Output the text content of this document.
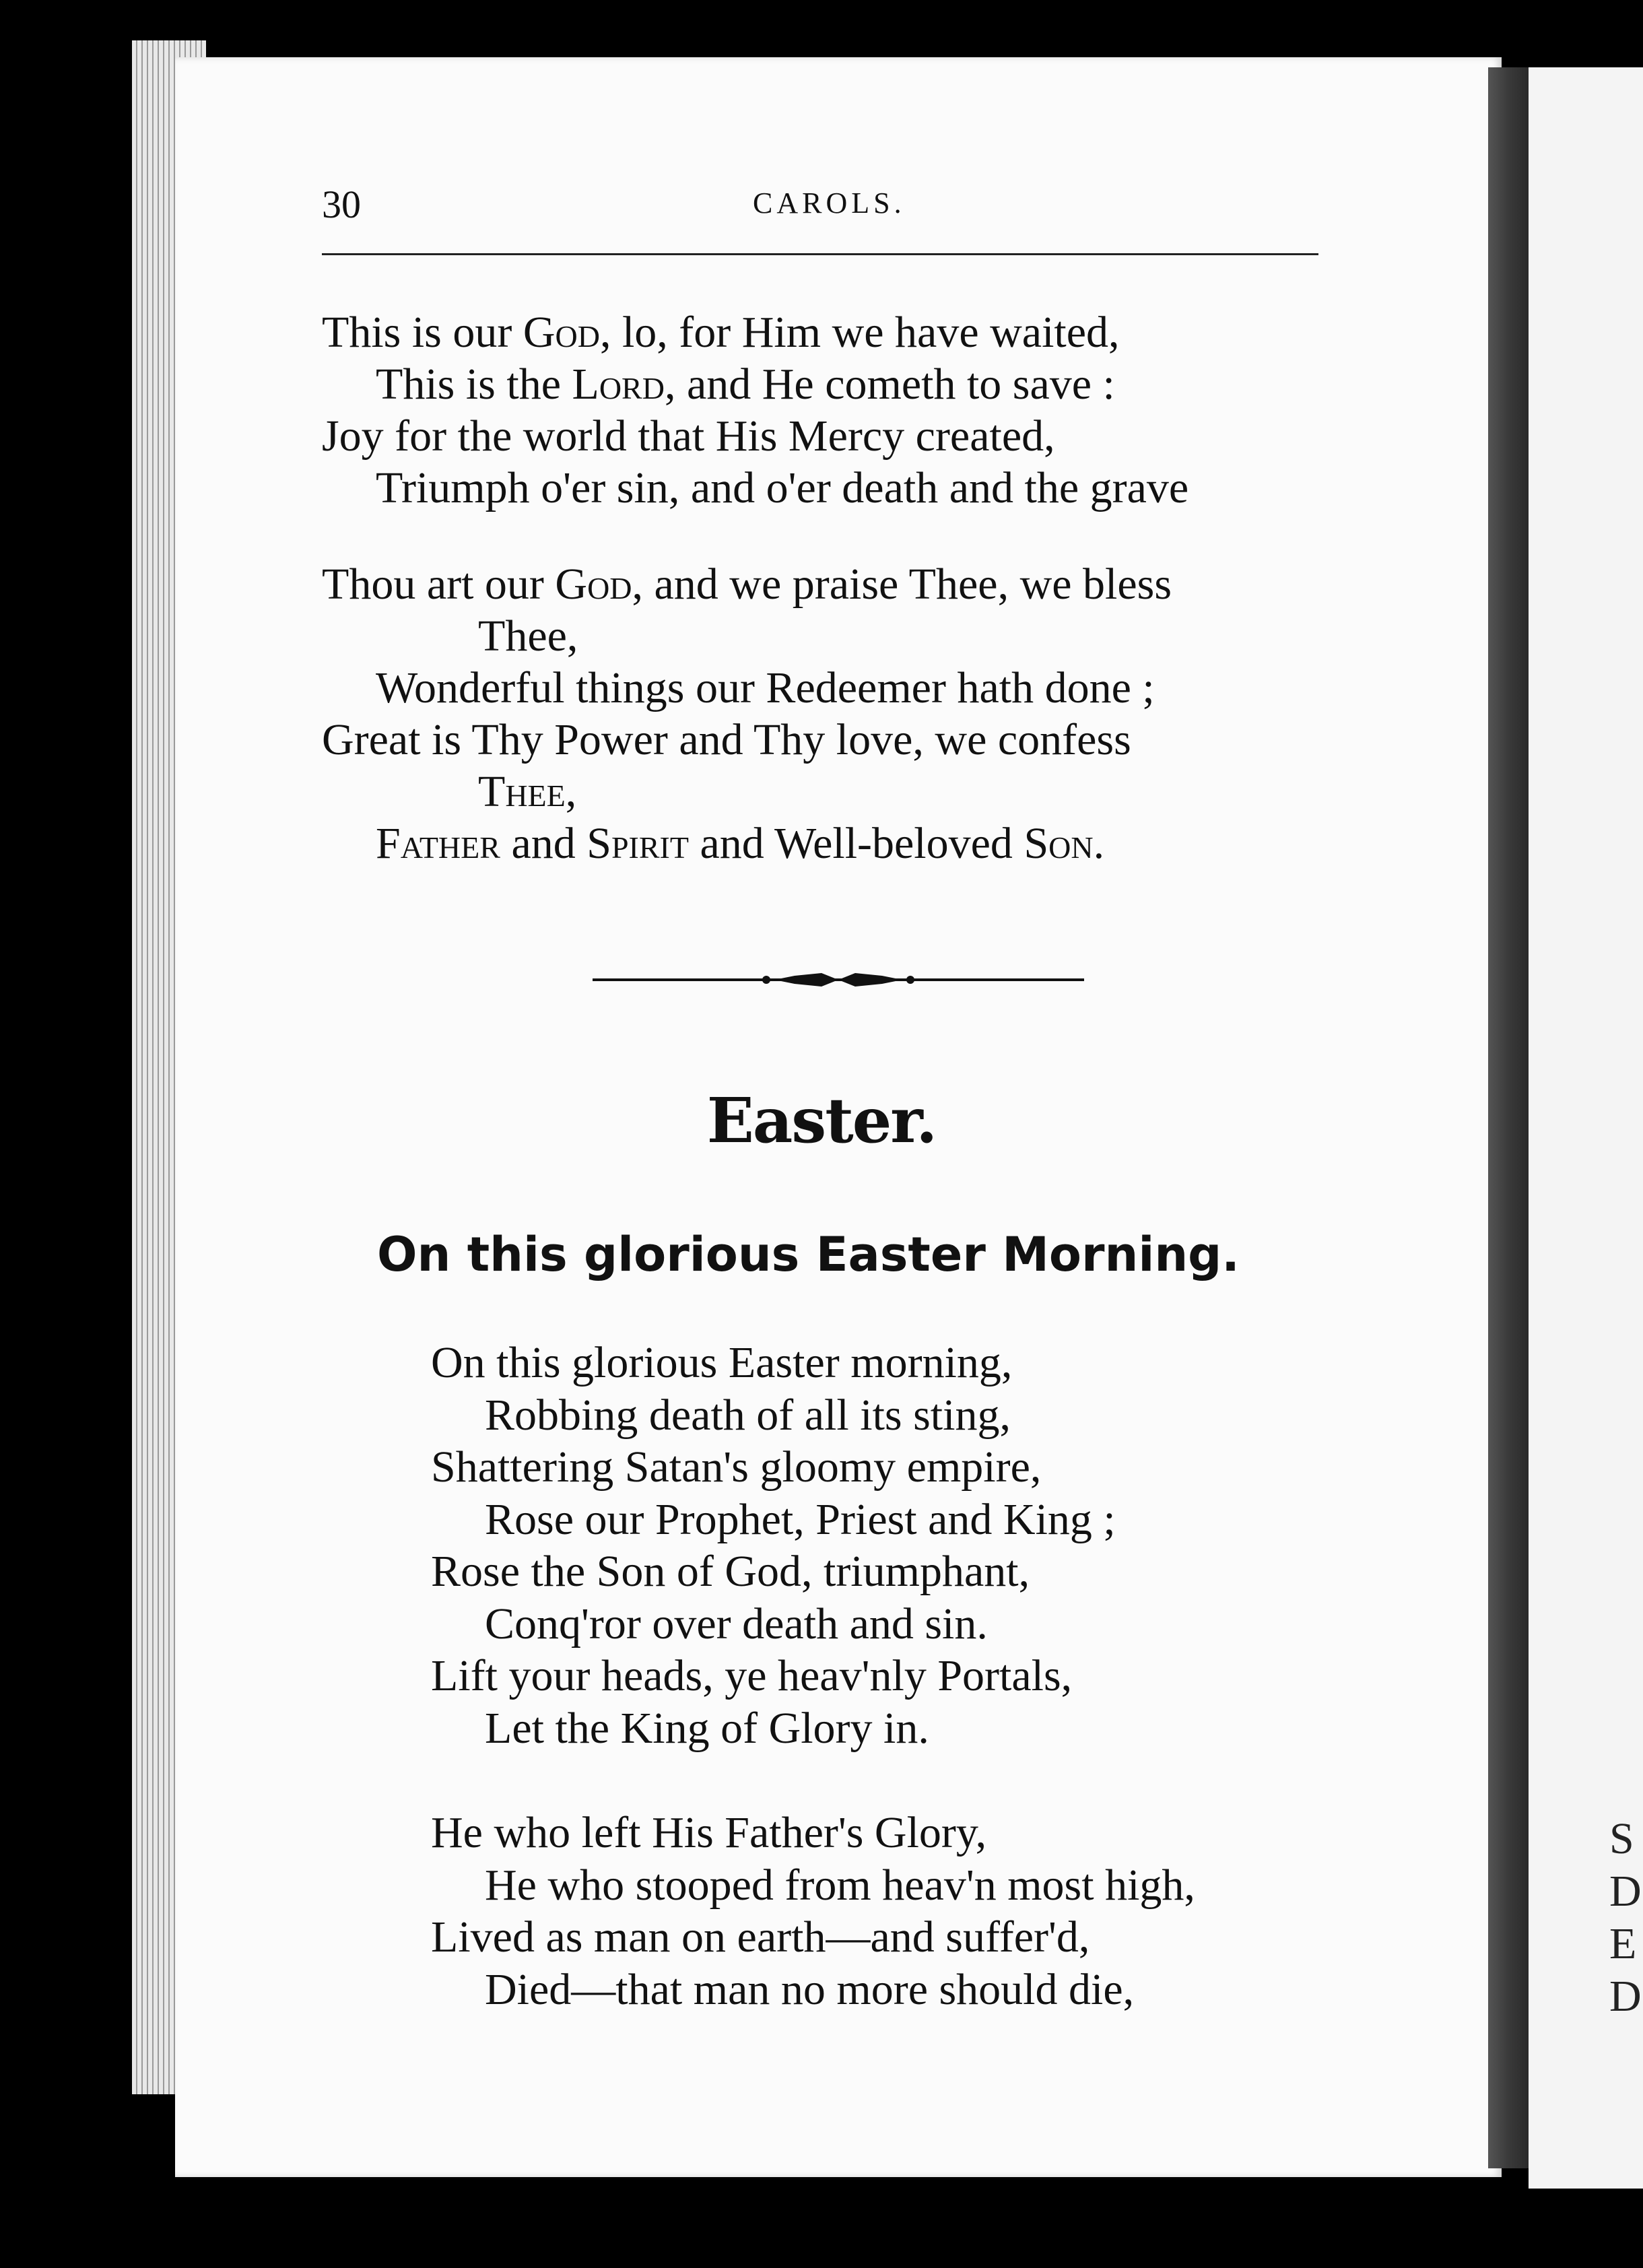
S
D
E
D
30	CAROLS.
This is our God, lo, for Him we have waited,
This is the Lord, and He cometh to save :
Joy for the world that His Mercy created,
Triumph o'er sin, and o'er death and the grave
Thou art our God, and we praise Thee, we bless
Thee,
Wonderful things our Redeemer hath done ;
Great is Thy Power and Thy love, we confess
Thee,
Father and Spirit and Well-beloved Son.
Easter.
On this glorious Easter Morning.
On this glorious Easter morning,
Robbing death of all its sting,
Shattering Satan's gloomy empire,
Rose our Prophet, Priest and King ;
Rose the Son of God, triumphant,
Conq'ror over death and sin.
Lift your heads, ye heav'nly Portals,
Let the King of Glory in.
He who left His Father's Glory,
He who stooped from heav'n most high,
Lived as man on earth—and suffer'd,
Died—that man no more should die,
